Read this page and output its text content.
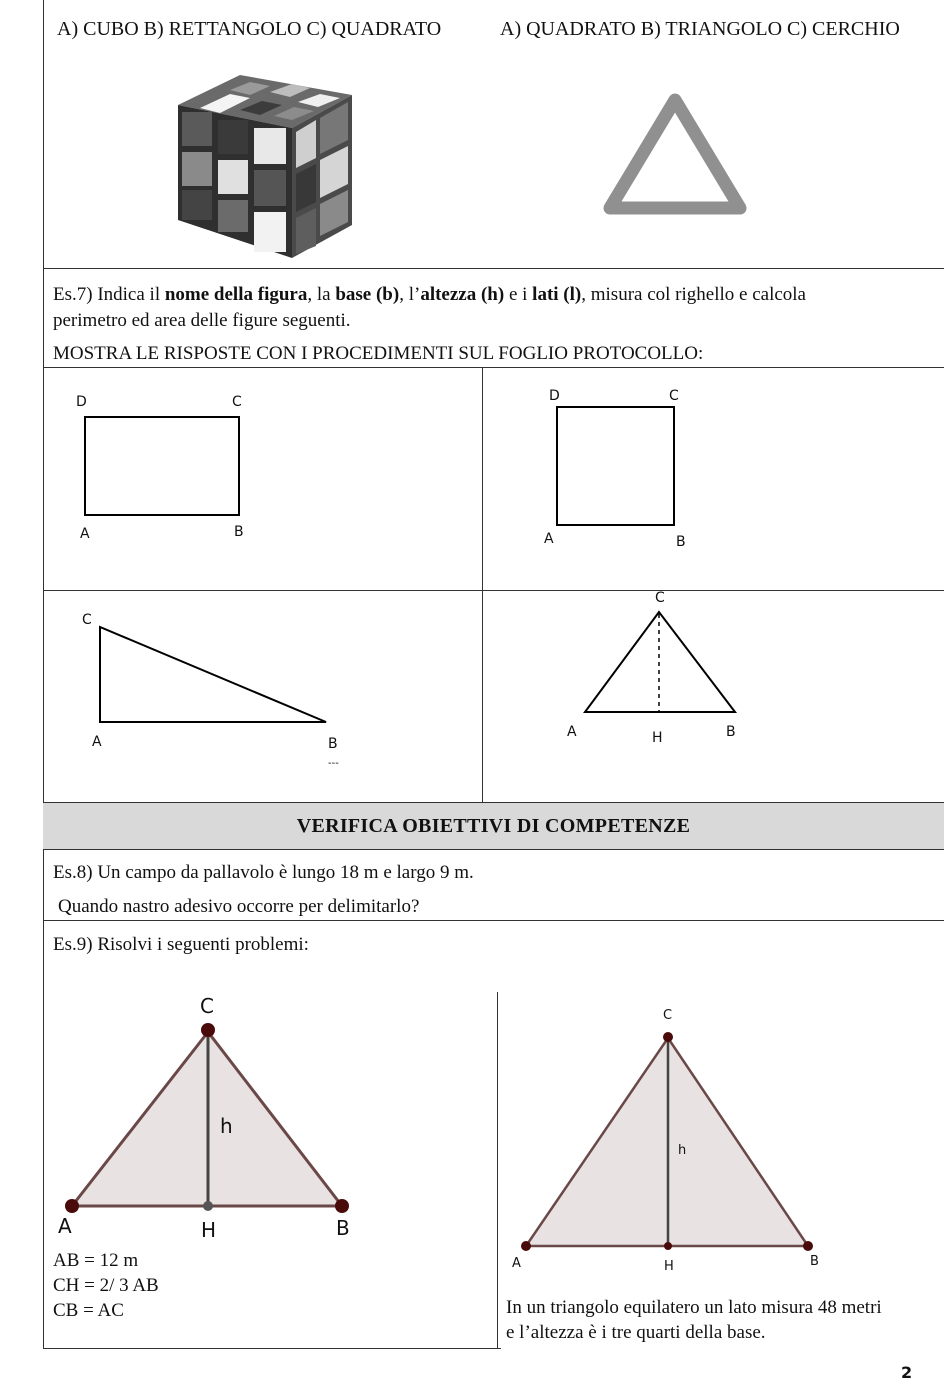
A) CUBO B) RETTANGOLO C) QUADRATO	A) QUADRATO B) TRIANGOLO C) CERCHIO
Es.7) Indica il nome della figura, la base (b), l’altezza (h) e i lati (l), misura col righello e calcola
perimetro ed area delle figure seguenti.
MOSTRA LE RISPOSTE CON I PROCEDIMENTI SUL FOGLIO PROTOCOLLO:
D	C
A	B
D	C
A	B
C
A	B
---
C
A	H	B
VERIFICA OBIETTIVI DI COMPETENZE
Es.8) Un campo da pallavolo è lungo 18 m e largo 9 m.
Quando nastro adesivo occorre per delimitarlo?
Es.9) Risolvi i seguenti problemi:
C
h
A	H	B
AB = 12 m
CH = 2/ 3 AB
CB = AC
C
h
A	H	B
In un triangolo equilatero un lato misura 48 metri
e l’altezza è i tre quarti della base.
2
